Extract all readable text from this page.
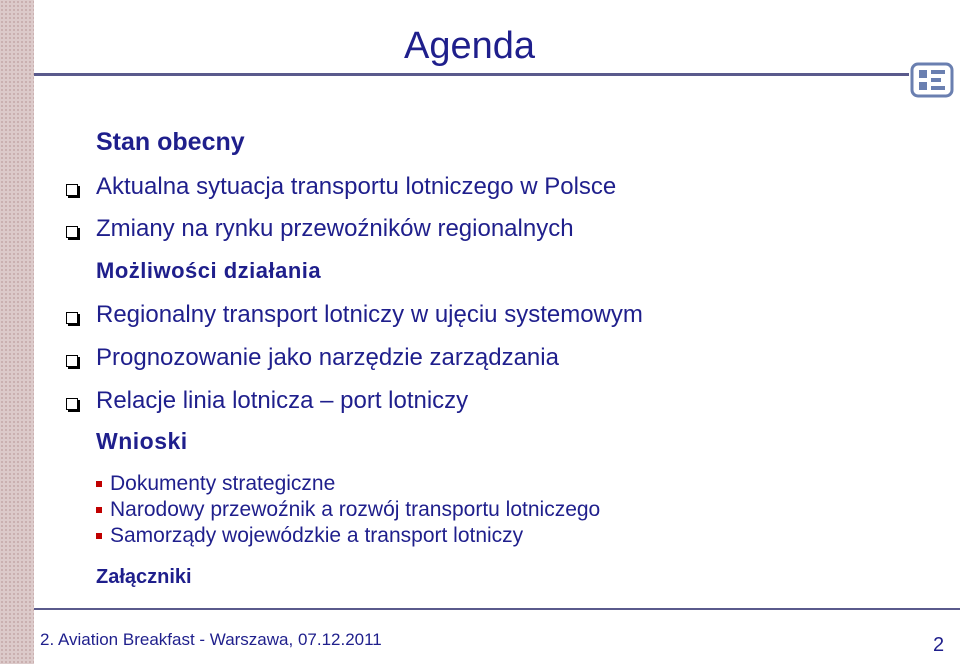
Agenda
Stan obecny
Aktualna sytuacja transportu lotniczego w Polsce
Zmiany na rynku przewoźników regionalnych
Możliwości działania
Regionalny transport lotniczy w ujęciu systemowym
Prognozowanie jako narzędzie zarządzania
Relacje linia lotnicza – port lotniczy
Wnioski
Dokumenty strategiczne
Narodowy przewoźnik a rozwój transportu lotniczego
Samorządy wojewódzkie a transport lotniczy
Załączniki
2. Aviation Breakfast - Warszawa, 07.12.2011	2
